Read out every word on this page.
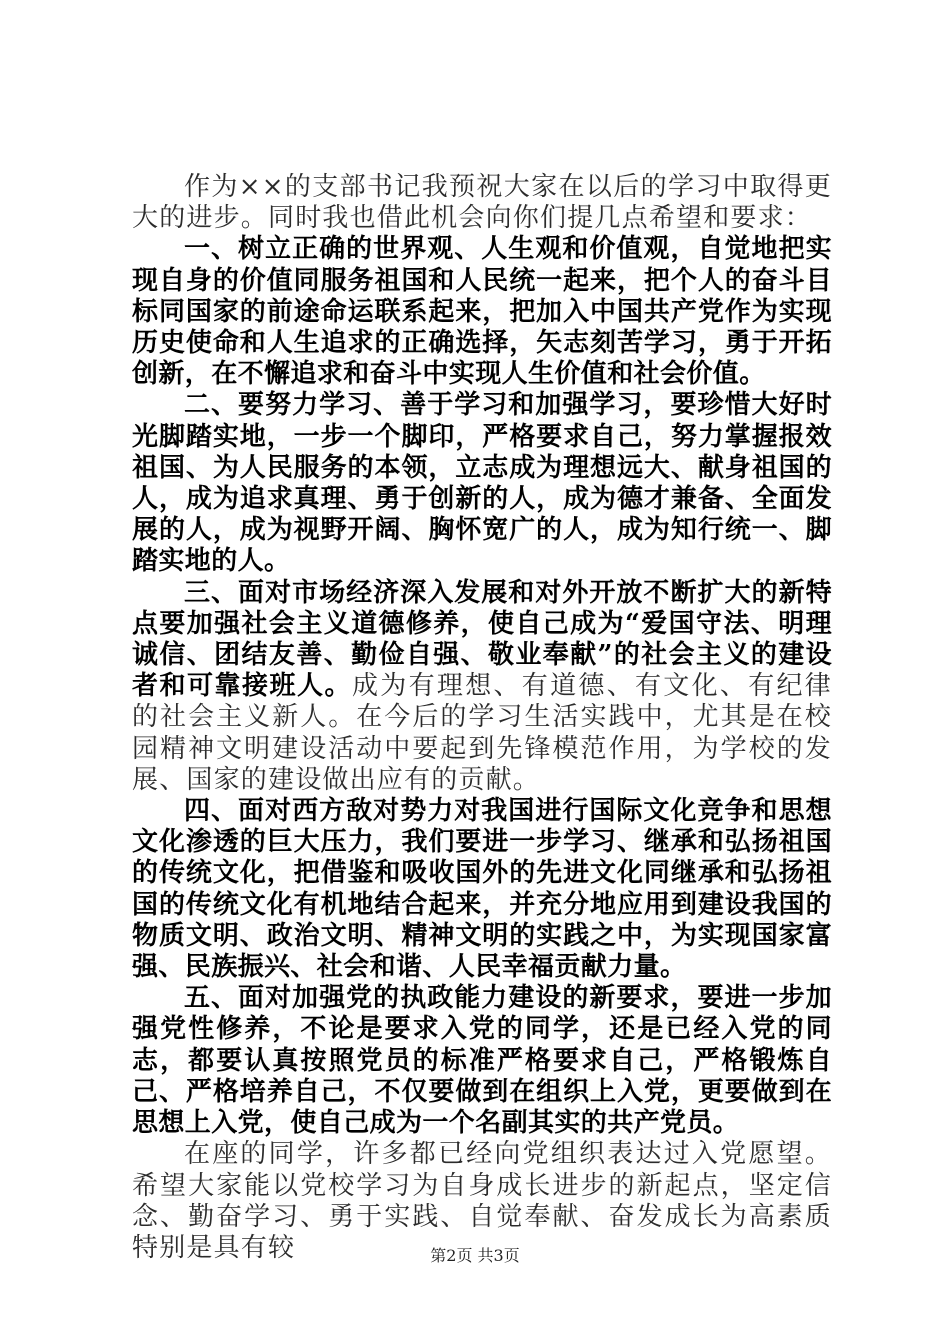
作为××的支部书记我预祝大家在以后的学习中取得更大的进步。同时我也借此机会向你们提几点希望和要求：

一、树立正确的世界观、人生观和价值观，自觉地把实现自身的价值同服务祖国和人民统一起来，把个人的奋斗目标同国家的前途命运联系起来，把加入中国共产党作为实现历史使命和人生追求的正确选择，矢志刻苦学习，勇于开拓创新，在不懈追求和奋斗中实现人生价值和社会价值。

二、要努力学习、善于学习和加强学习，要珍惜大好时光脚踏实地，一步一个脚印，严格要求自己，努力掌握报效祖国、为人民服务的本领，立志成为理想远大、献身祖国的人，成为追求真理、勇于创新的人，成为德才兼备、全面发展的人，成为视野开阔、胸怀宽广的人，成为知行统一、脚踏实地的人。

三、面对市场经济深入发展和对外开放不断扩大的新特点要加强社会主义道德修养，使自己成为“爱国守法、明理诚信、团结友善、勤俭自强、敬业奉献”的社会主义的建设者和可靠接班人。成为有理想、有道德、有文化、有纪律的社会主义新人。在今后的学习生活实践中，尤其是在校园精神文明建设活动中要起到先锋模范作用，为学校的发展、国家的建设做出应有的贡献。

四、面对西方敌对势力对我国进行国际文化竞争和思想文化渗透的巨大压力，我们要进一步学习、继承和弘扬祖国的传统文化，把借鉴和吸收国外的先进文化同继承和弘扬祖国的传统文化有机地结合起来，并充分地应用到建设我国的物质文明、政治文明、精神文明的实践之中，为实现国家富强、民族振兴、社会和谐、人民幸福贡献力量。

五、面对加强党的执政能力建设的新要求，要进一步加强党性修养，不论是要求入党的同学，还是已经入党的同志，都要认真按照党员的标准严格要求自己，严格锻炼自己、严格培养自己，不仅要做到在组织上入党，更要做到在思想上入党，使自己成为一个名副其实的共产党员。

在座的同学，许多都已经向党组织表达过入党愿望。希望大家能以党校学习为自身成长进步的新起点，坚定信念、勤奋学习、勇于实践、自觉奉献、奋发成长为高素质特别是具有较	第2页 共3页
